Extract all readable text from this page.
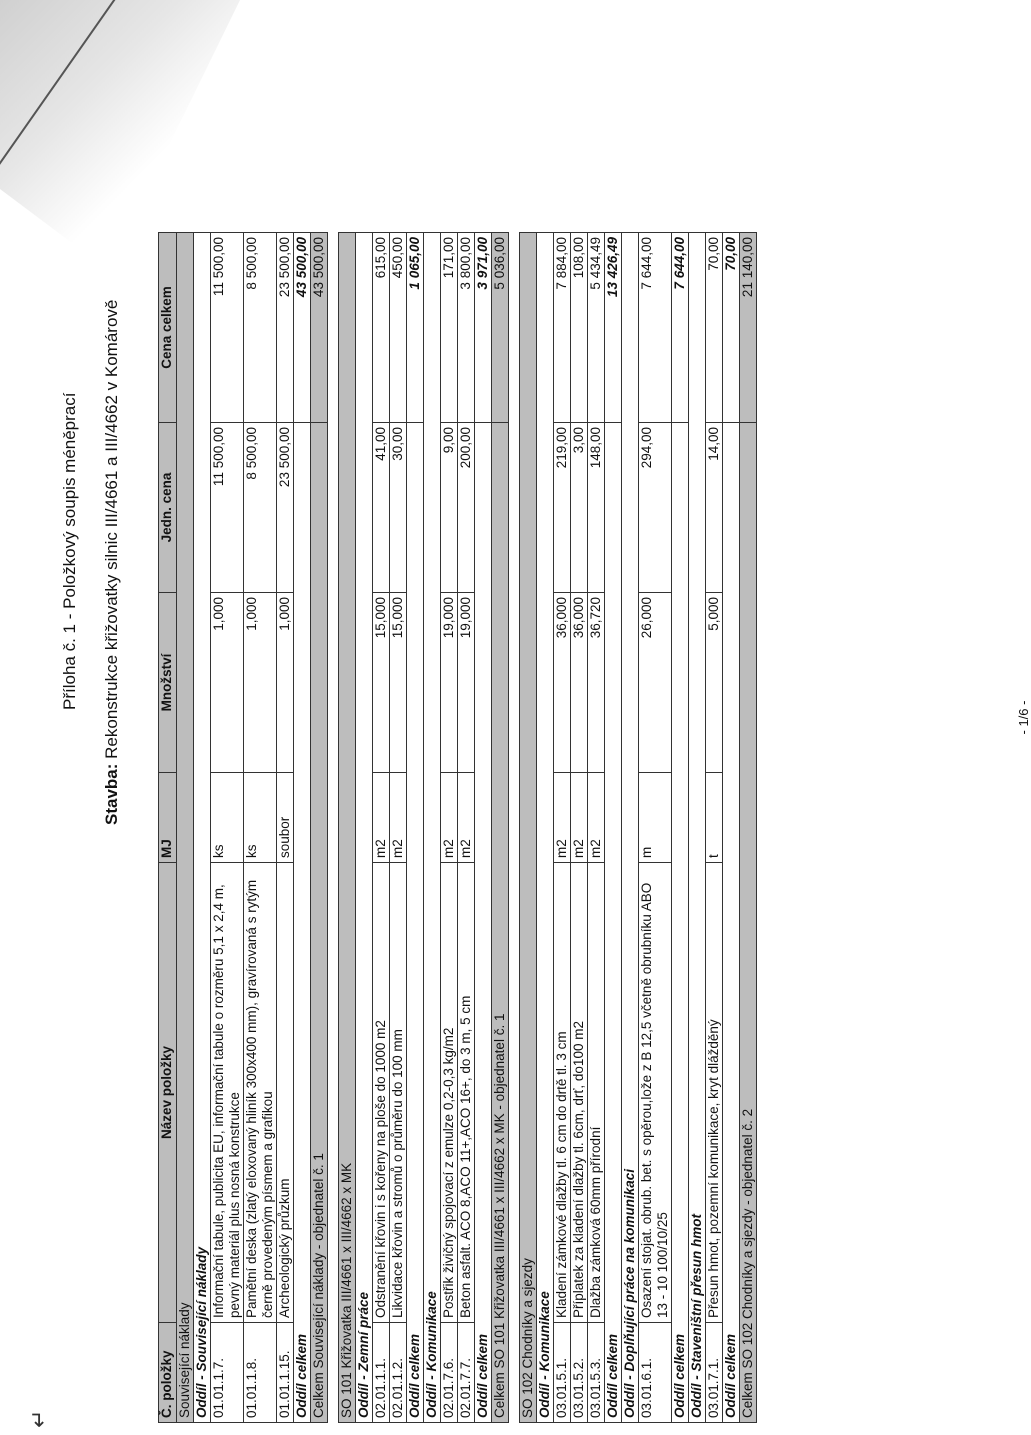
↵
Příloha č. 1 - Položkový soupis méněprací
Stavba: Rekonstrukce křižovatky silnic III/4661 a III/4662 v Komárově
Č. položky	Název položky	MJ	Množství	Jedn. cena	Cena celkem
Související náklady					
Oddíl - Související náklady					
01.01.1.7.	Informační tabule, publicita EU, informační tabule o rozměru 5,1 x 2,4 m, pevný materiál plus nosná konstrukce	ks	1,000	11 500,00	11 500,00
01.01.1.8.	Pamětní deska (zlatý eloxovaný hliník 300x400 mm), gravírovaná s rytým černě provedeným písmem a grafikou	ks	1,000	8 500,00	8 500,00
01.01.1.15.	Archeologický průzkum	soubor	1,000	23 500,00	23 500,00
Oddíl celkem					43 500,00
Celkem Související náklady - objednatel č. 1					43 500,00

SO 101 Křižovatka III/4661 x III/4662 x MK					
Oddíl - Zemní práce					
02.01.1.1.	Odstranění křovin i s kořeny na ploše do 1000 m2	m2	15,000	41,00	615,00
02.01.1.2.	Likvidace křovin a stromů o průměru do 100 mm	m2	15,000	30,00	450,00
Oddíl celkem					1 065,00
Oddíl - Komunikace					
02.01.7.6.	Postřik živičný spojovací z emulze 0,2-0,3 kg/m2	m2	19,000	9,00	171,00
02.01.7.7.	Beton asfalt. ACO 8,ACO 11+,ACO 16+, do 3 m, 5 cm	m2	19,000	200,00	3 800,00
Oddíl celkem					3 971,00
Celkem SO 101 Křižovatka III/4661 x III/4662 x MK - objednatel č. 1					5 036,00

SO 102 Chodníky a sjezdy					
Oddíl - Komunikace					
03.01.5.1.	Kladení zámkové dlažby tl. 6 cm do drtě tl. 3 cm	m2	36,000	219,00	7 884,00
03.01.5.2.	Příplatek za kladení dlažby tl. 6cm, drť, do100 m2	m2	36,000	3,00	108,00
03.01.5.3.	Dlažba zámková 60mm přírodní	m2	36,720	148,00	5 434,49
Oddíl celkem					13 426,49
Oddíl - Doplňující práce na komunikaci					
03.01.6.1.	Osazení stojat. obrub. bet. s opěrou,lože z B 12,5 včetně obrubníku ABO 13 - 10 100/10/25	m	26,000	294,00	7 644,00
Oddíl celkem					7 644,00
Oddíl - Staveništní přesun hmot					
03.01.7.1.	Přesun hmot, pozemní komunikace, kryt dlážděný	t	5,000	14,00	70,00
Oddíl celkem					70,00
Celkem SO 102 Chodníky a sjezdy - objednatel č. 2					21 140,00
- 1/6 -
